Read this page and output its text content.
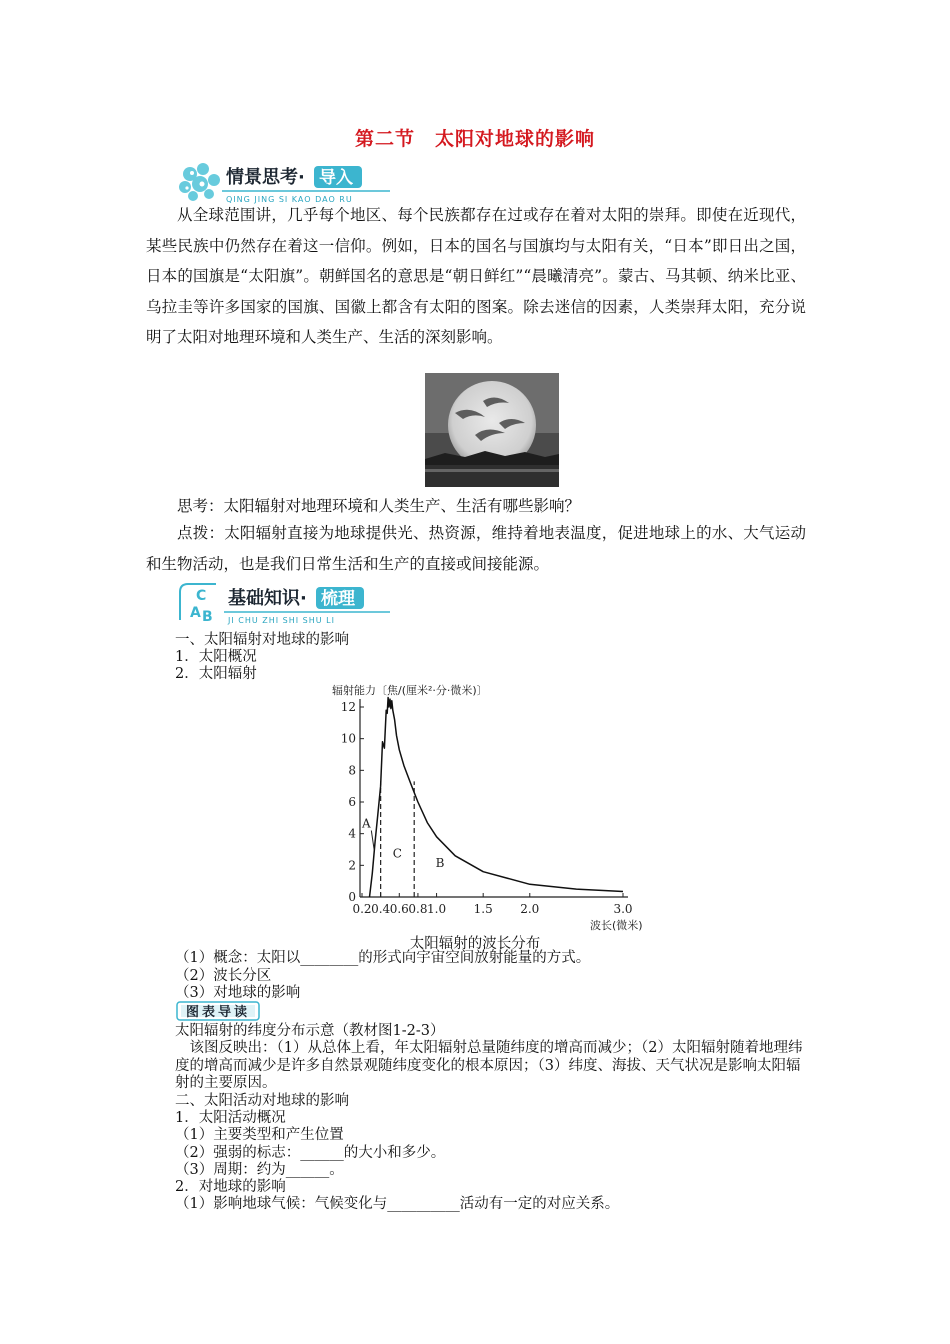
第二节　太阳对地球的影响
情景思考· 导入
QING JING SI KAO DAO RU

从全球范围讲，几乎每个地区、每个民族都存在过或存在着对太阳的崇拜。即使在近现代，某些民族中仍然存在着这一信仰。例如，日本的国名与国旗均与太阳有关，“日本”即日出之国，日本的国旗是“太阳旗”。朝鲜国名的意思是“朝日鲜红”“晨曦清亮”。蒙古、马其顿、纳米比亚、乌拉圭等许多国家的国旗、国徽上都含有太阳的图案。除去迷信的因素，人类崇拜太阳，充分说明了太阳对地理环境和人类生产、生活的深刻影响。

思考：太阳辐射对地理环境和人类生产、生活有哪些影响？

点拨：太阳辐射直接为地球提供光、热资源，维持着地表温度，促进地球上的水、大气运动和生物活动，也是我们日常生活和生产的直接或间接能源。

A B
C 基础知识· 梳理
JI CHU ZHI SHI SHU LI

一、太阳辐射对地球的影响

1．太阳概况

2．太阳辐射

辐射能力〔焦/(厘米²·分·微米)〕
波长(微米)
0
2
4
6
8
10
12
0.2 0.4 0.6 0.8 1.0 1.5 2.0	3.0
A
C
B
太阳辐射的波长分布

（1）概念：太阳以________的形式向宇宙空间放射能量的方式。

（2）波长分区

（3）对地球的影响

图表导读

太阳辐射的纬度分布示意（教材图1-2-3）

该图反映出：（1）从总体上看，年太阳辐射总量随纬度的增高而减少；（2）太阳辐射随着地理纬度的增高而减少是许多自然景观随纬度变化的根本原因；（3）纬度、海拔、天气状况是影响太阳辐射的主要原因。

二、太阳活动对地球的影响

1．太阳活动概况

（1）主要类型和产生位置

（2）强弱的标志：______的大小和多少。

（3）周期：约为______。

2．对地球的影响

（1）影响地球气候：气候变化与__________活动有一定的对应关系。
